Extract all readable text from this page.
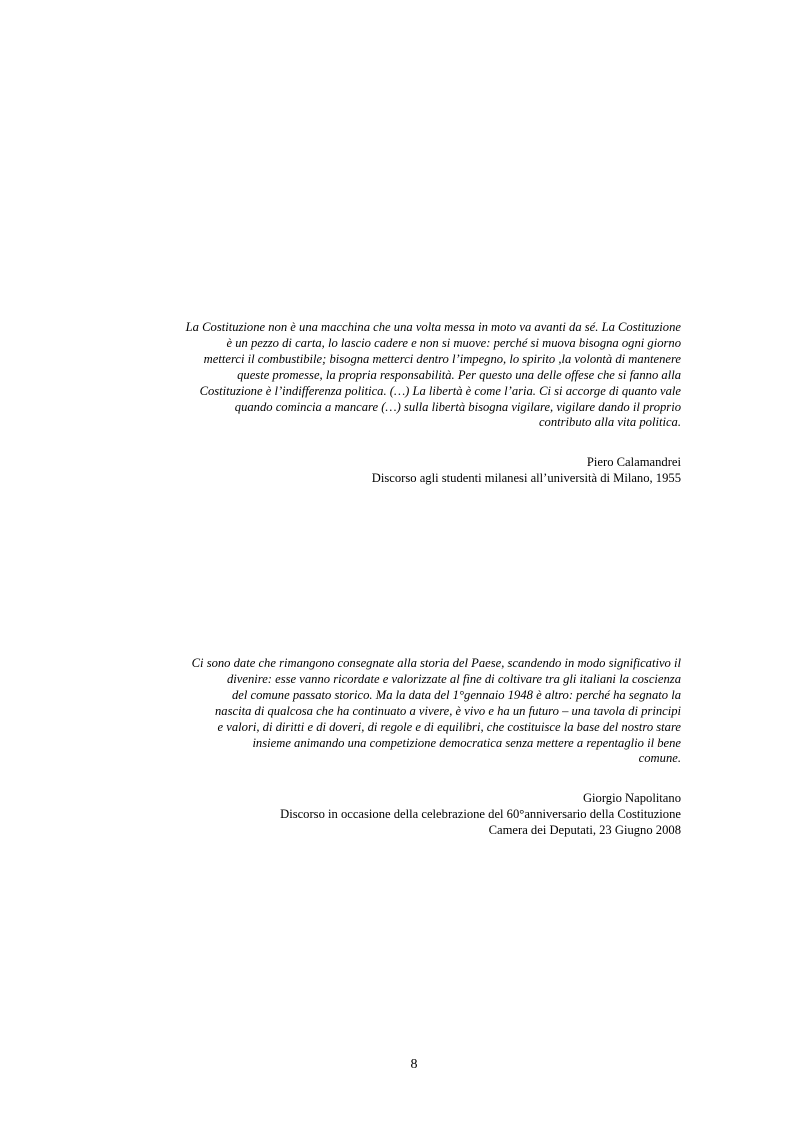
La Costituzione non è una macchina che una volta messa in moto va avanti da sé. La Costituzione
è un pezzo di carta, lo lascio cadere e non si muove: perché si muova bisogna ogni giorno
metterci il combustibile; bisogna metterci dentro l’impegno, lo spirito ,la volontà di mantenere
queste promesse, la propria responsabilità. Per questo una delle offese che si fanno alla
Costituzione è l’indifferenza politica. (…) La libertà è come l’aria. Ci si accorge di quanto vale
quando comincia a mancare (…) sulla libertà bisogna vigilare, vigilare dando il proprio
contributo alla vita politica.
Piero Calamandrei
Discorso agli studenti milanesi all’università di Milano, 1955
Ci sono date che rimangono consegnate alla storia del Paese, scandendo in modo significativo il
divenire: esse vanno ricordate e valorizzate al fine di coltivare tra gli italiani la coscienza
del comune passato storico. Ma la data del 1°gennaio 1948 è altro: perché ha segnato la
nascita di qualcosa che ha continuato a vivere, è vivo e ha un futuro – una tavola di principi
e valori, di diritti e di doveri, di regole e di equilibri, che costituisce la base del nostro stare
insieme animando una competizione democratica senza mettere a repentaglio il bene
comune.
Giorgio Napolitano
Discorso in occasione della celebrazione del 60°anniversario della Costituzione
Camera dei Deputati, 23 Giugno 2008
8
